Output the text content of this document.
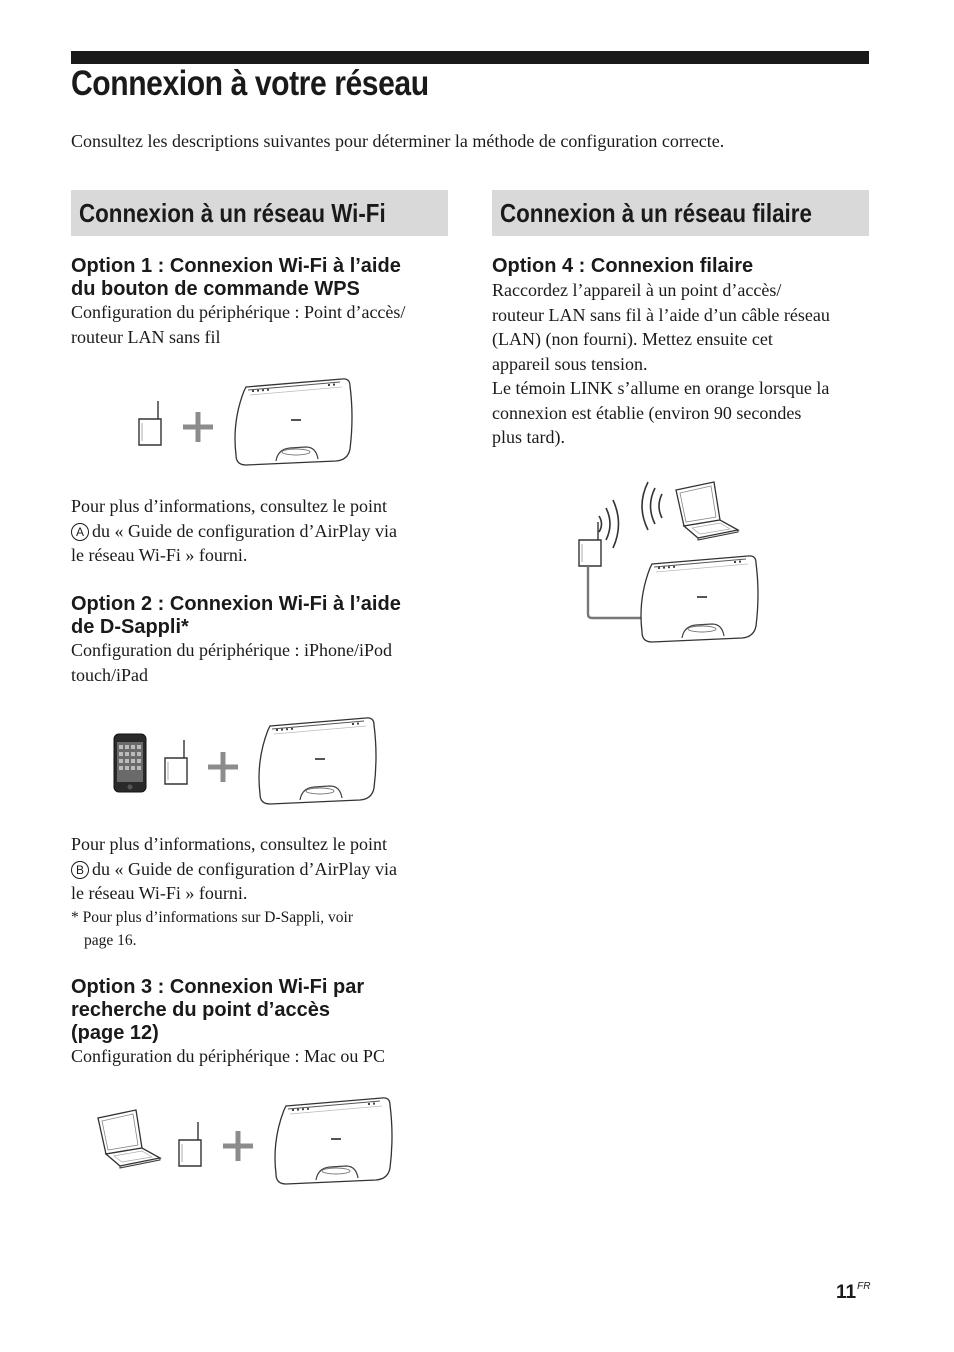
Connexion à votre réseau
Consultez les descriptions suivantes pour déterminer la méthode de configuration correcte.
Connexion à un réseau Wi-Fi
Option 1 : Connexion Wi-Fi à l’aide
du bouton de commande WPS
Configuration du périphérique : Point d’accès/
routeur LAN sans fil
Pour plus d’informations, consultez le point
A du « Guide de configuration d’AirPlay via
le réseau Wi-Fi » fourni.
Option 2 : Connexion Wi-Fi à l’aide
de D-Sappli*
Configuration du périphérique : iPhone/iPod
touch/iPad
Pour plus d’informations, consultez le point
B du « Guide de configuration d’AirPlay via
le réseau Wi-Fi » fourni.
* Pour plus d’informations sur D-Sappli, voir
page 16.
Option 3 : Connexion Wi-Fi par
recherche du point d’accès
(page 12)
Configuration du périphérique : Mac ou PC
Connexion à un réseau filaire
Option 4 : Connexion filaire
Raccordez l’appareil à un point d’accès/
routeur LAN sans fil à l’aide d’un câble réseau
(LAN) (non fourni). Mettez ensuite cet
appareil sous tension.
Le témoin LINK s’allume en orange lorsque la
connexion est établie (environ 90 secondes
plus tard).
$11^{FR}$
